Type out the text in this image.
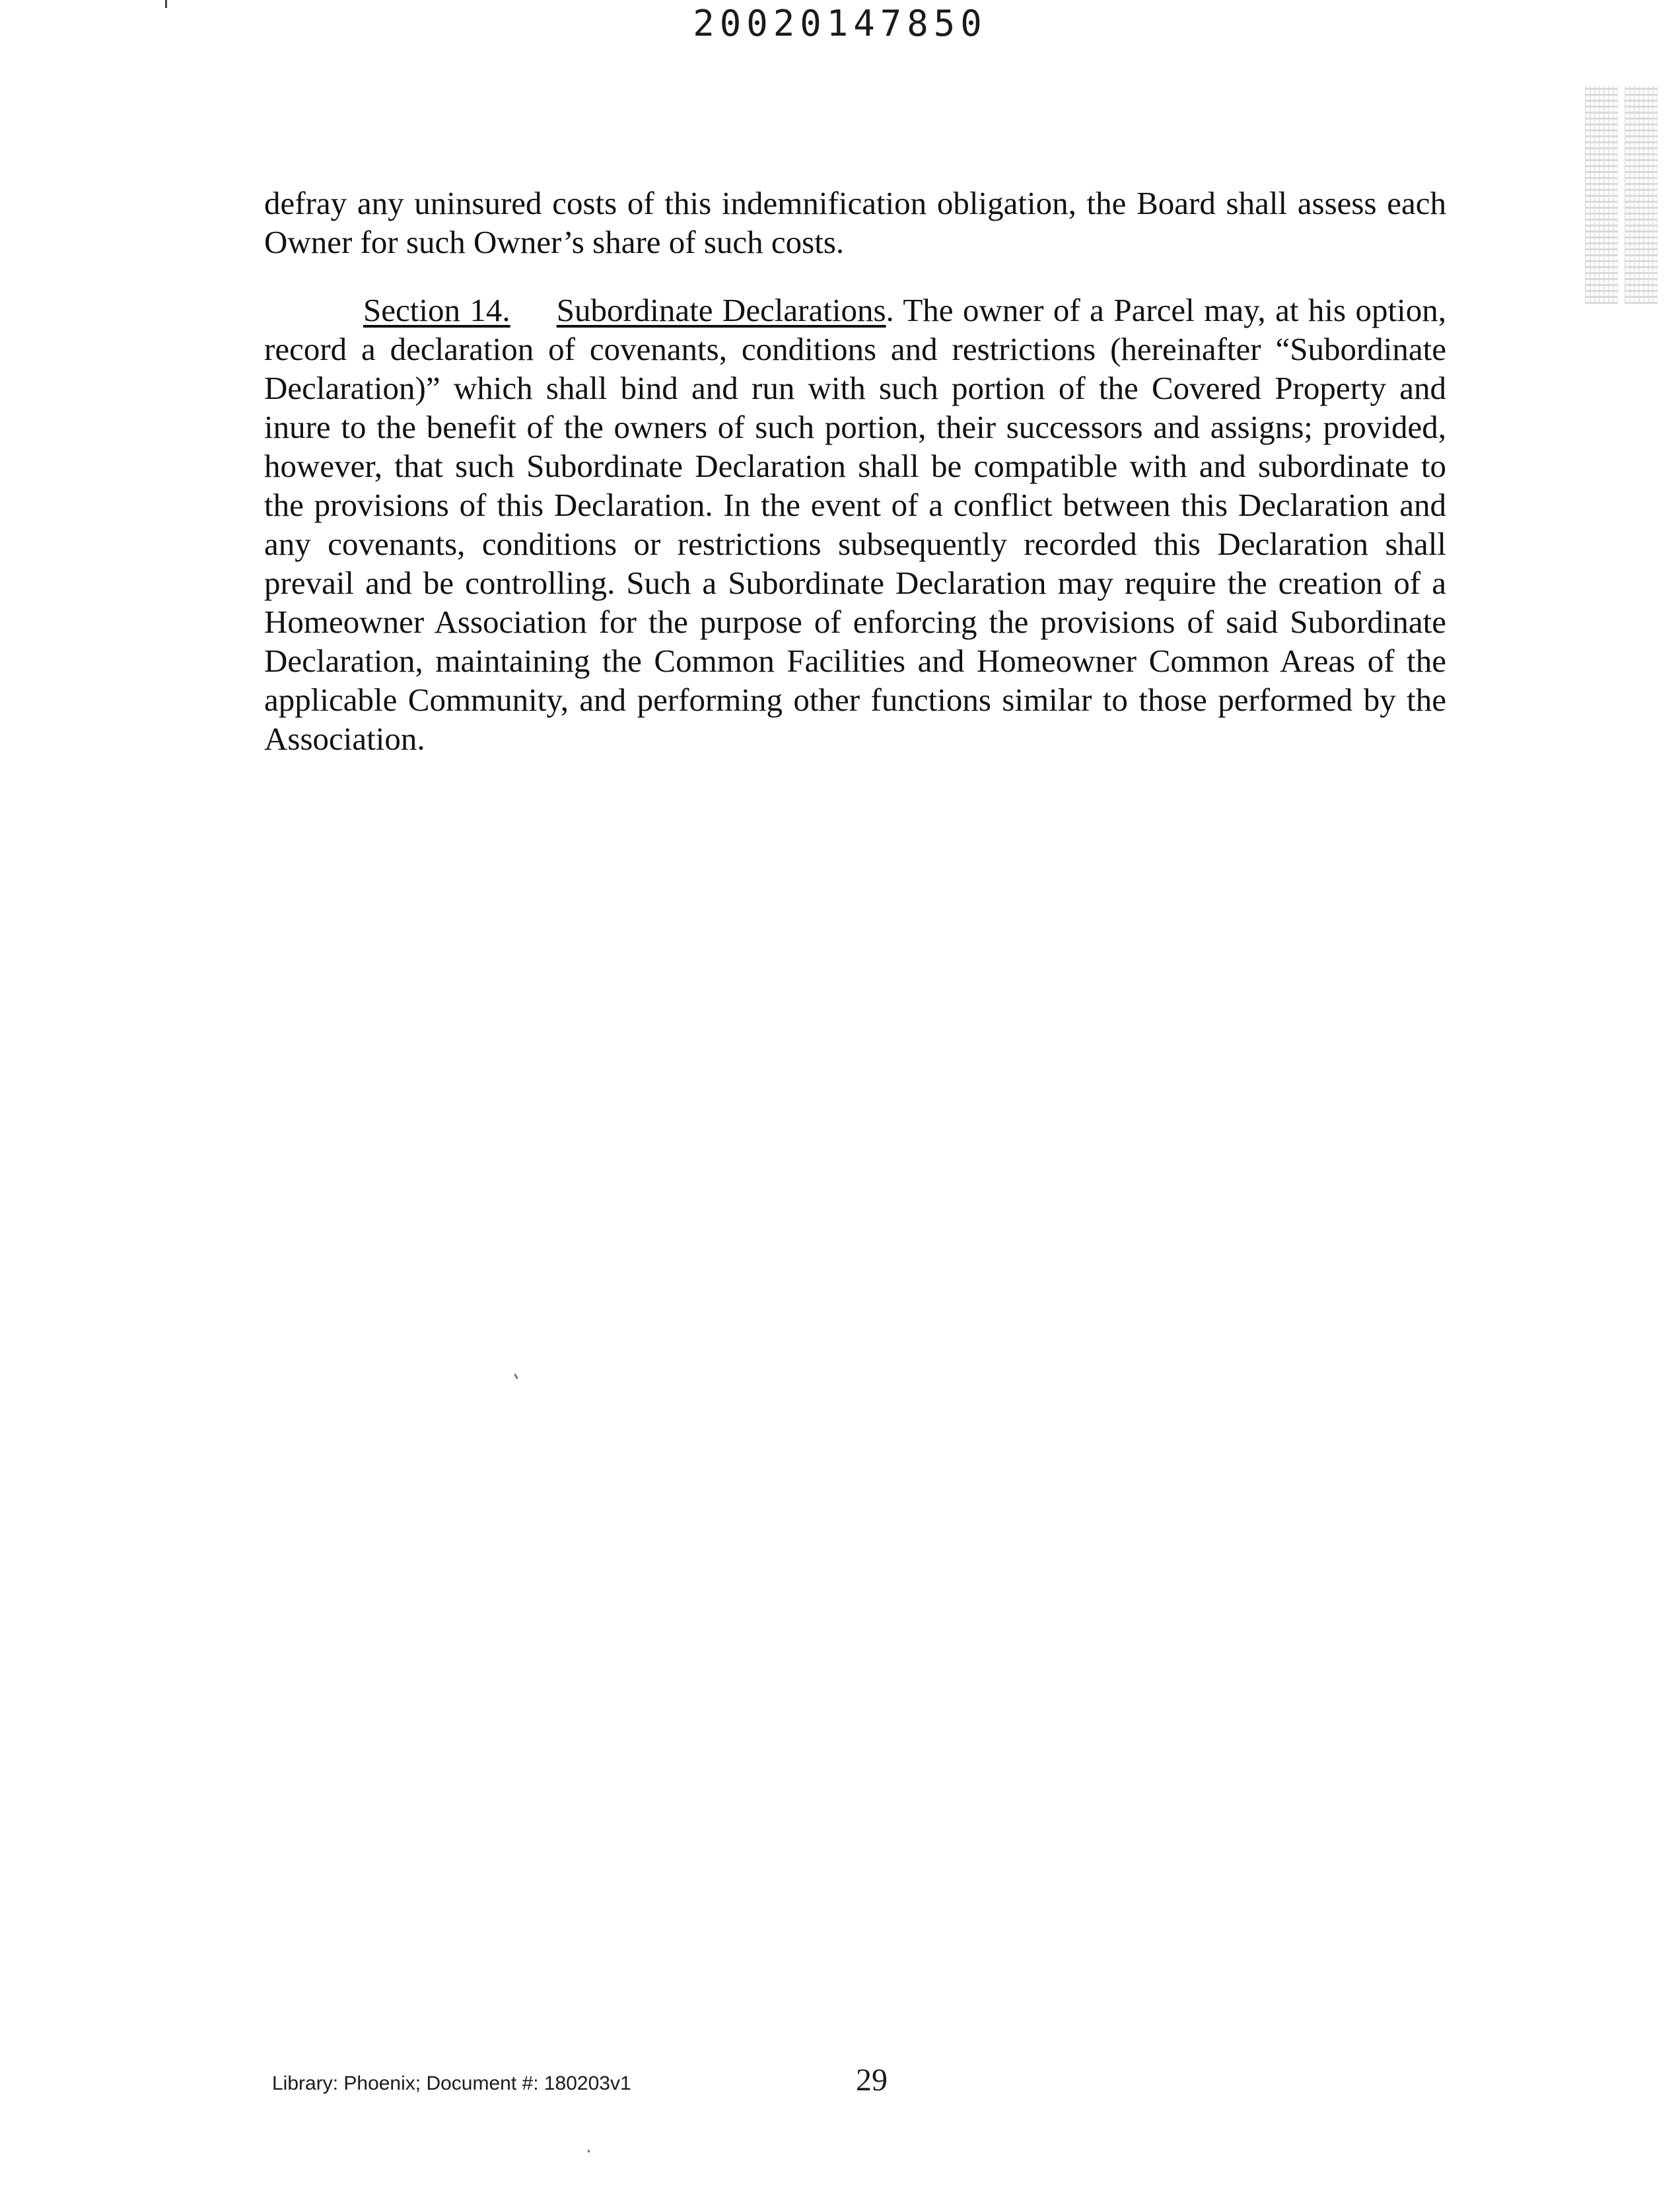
20020147850

defray any uninsured costs of this indemnification obligation, the Board shall assess each Owner for such Owner’s share of such costs.

Section 14. Subordinate Declarations. The owner of a Parcel may, at his option, record a declaration of covenants, conditions and restrictions (hereinafter “Subordinate Declaration)” which shall bind and run with such portion of the Covered Property and inure to the benefit of the owners of such portion, their successors and assigns; provided, however, that such Subordinate Declaration shall be compatible with and subordinate to the provisions of this Declaration. In the event of a conflict between this Declaration and any covenants, conditions or restrictions subsequently recorded this Declaration shall prevail and be controlling. Such a Subordinate Declaration may require the creation of a Homeowner Association for the purpose of enforcing the provisions of said Subordinate Declaration, maintaining the Common Facilities and Homeowner Common Areas of the applicable Community, and performing other functions similar to those performed by the Association.

Library: Phoenix; Document #: 180203v1	29
